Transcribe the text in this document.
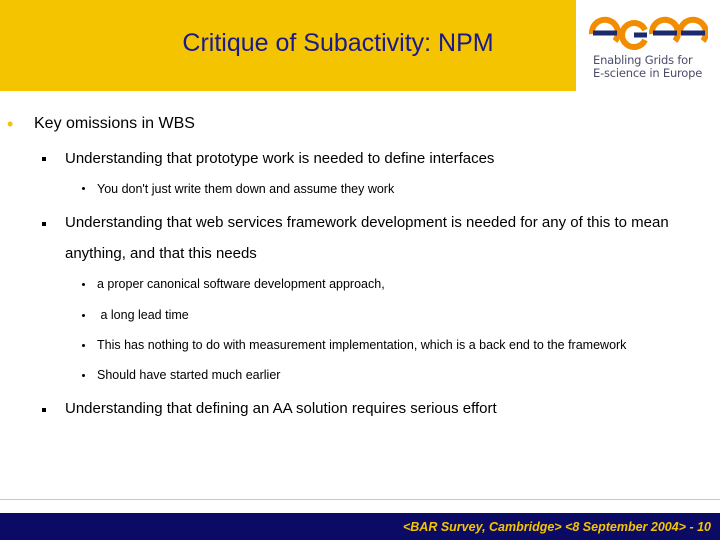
Critique of Subactivity: NPM
Enabling Grids for
E-science in Europe
• Key omissions in WBS
Understanding that prototype work is needed to define interfaces
You don't just write them down and assume they work
Understanding that web services framework development is needed for any of this to mean
anything, and that this needs
a proper canonical software development approach,
a long lead time
This has nothing to do with measurement implementation, which is a back end to the framework
Should have started much earlier
Understanding that defining an AA solution requires serious effort
<BAR Survey, Cambridge> <8 September 2004> - 10
